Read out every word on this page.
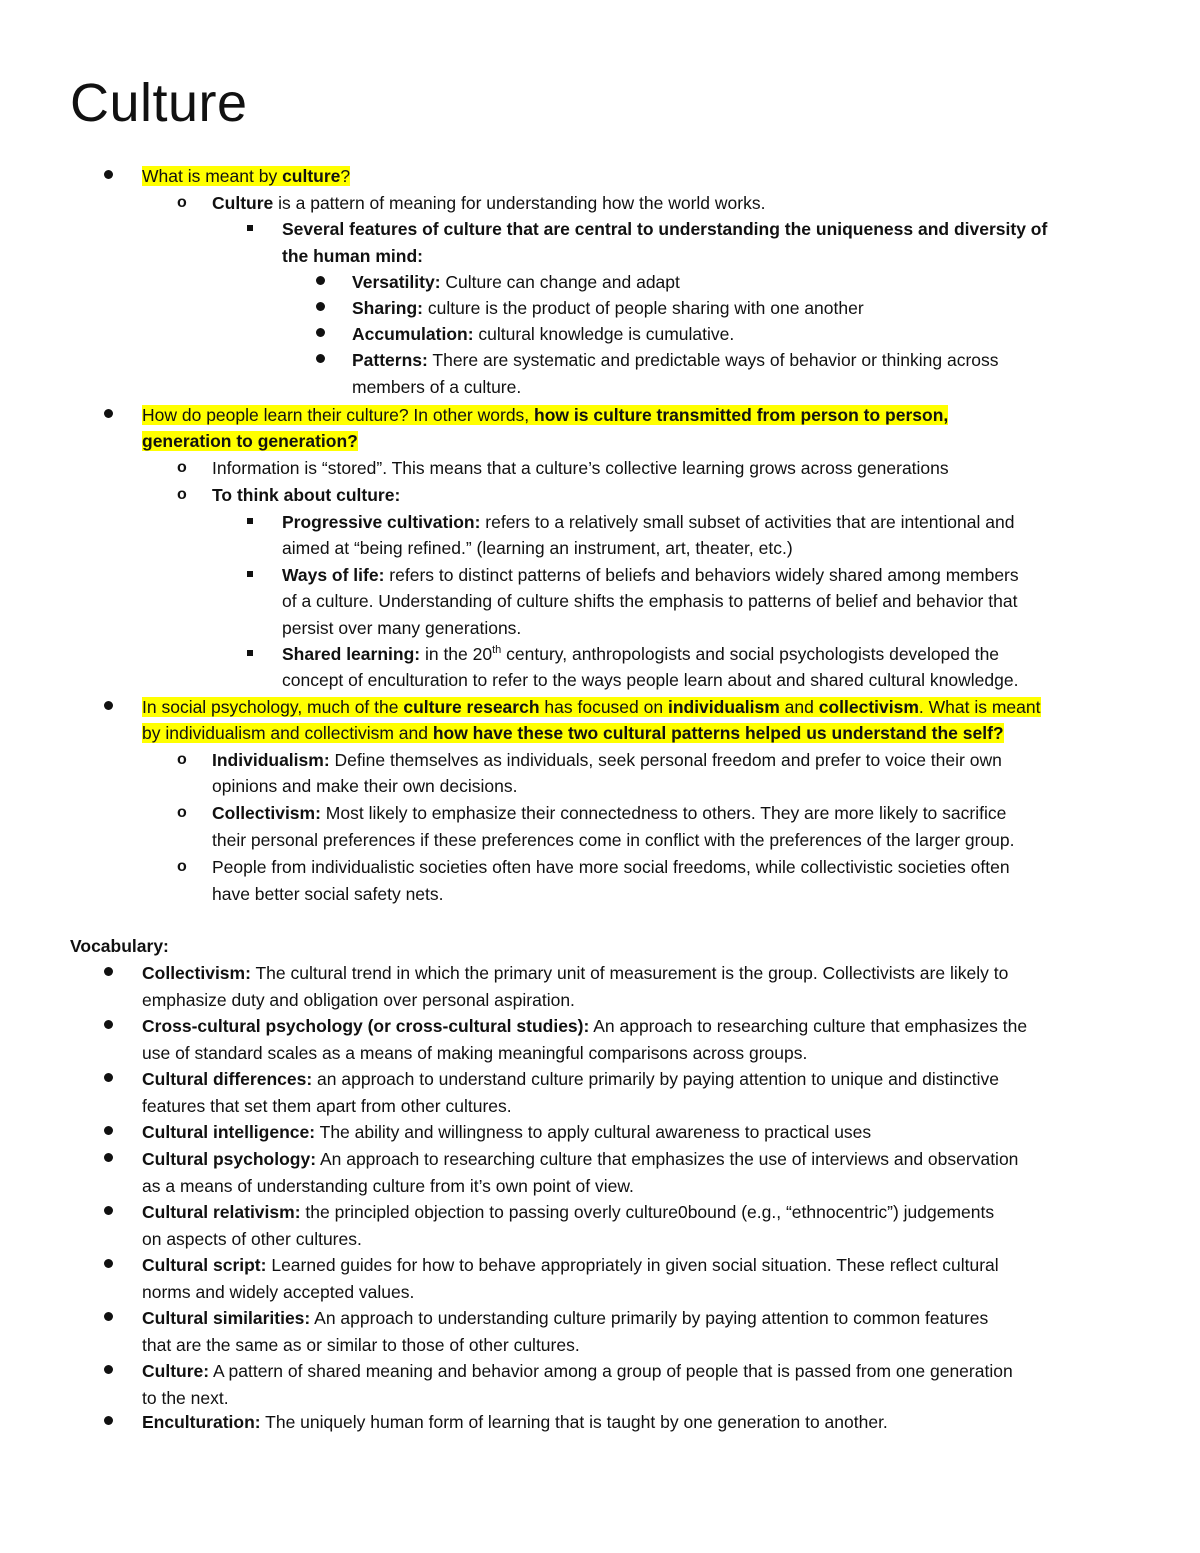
Culture
What is meant by culture?
o Culture is a pattern of meaning for understanding how the world works.
Several features of culture that are central to understanding the uniqueness and diversity of
the human mind:
Versatility: Culture can change and adapt
Sharing: culture is the product of people sharing with one another
Accumulation: cultural knowledge is cumulative.
Patterns: There are systematic and predictable ways of behavior or thinking across
members of a culture.
How do people learn their culture? In other words, how is culture transmitted from person to person,
generation to generation?
o Information is “stored”. This means that a culture’s collective learning grows across generations
o To think about culture:
Progressive cultivation: refers to a relatively small subset of activities that are intentional and
aimed at “being refined.” (learning an instrument, art, theater, etc.)
Ways of life: refers to distinct patterns of beliefs and behaviors widely shared among members
of a culture. Understanding of culture shifts the emphasis to patterns of belief and behavior that
persist over many generations.
Shared learning: in the 20th century, anthropologists and social psychologists developed the
concept of enculturation to refer to the ways people learn about and shared cultural knowledge.
In social psychology, much of the culture research has focused on individualism and collectivism. What is meant
by individualism and collectivism and how have these two cultural patterns helped us understand the self?
o Individualism: Define themselves as individuals, seek personal freedom and prefer to voice their own
opinions and make their own decisions.
o Collectivism: Most likely to emphasize their connectedness to others. They are more likely to sacrifice
their personal preferences if these preferences come in conflict with the preferences of the larger group.
o People from individualistic societies often have more social freedoms, while collectivistic societies often
have better social safety nets.
Vocabulary:
Collectivism: The cultural trend in which the primary unit of measurement is the group. Collectivists are likely to
emphasize duty and obligation over personal aspiration.
Cross-cultural psychology (or cross-cultural studies): An approach to researching culture that emphasizes the
use of standard scales as a means of making meaningful comparisons across groups.
Cultural differences: an approach to understand culture primarily by paying attention to unique and distinctive
features that set them apart from other cultures.
Cultural intelligence: The ability and willingness to apply cultural awareness to practical uses
Cultural psychology: An approach to researching culture that emphasizes the use of interviews and observation
as a means of understanding culture from it’s own point of view.
Cultural relativism: the principled objection to passing overly culture0bound (e.g., “ethnocentric”) judgements
on aspects of other cultures.
Cultural script: Learned guides for how to behave appropriately in given social situation. These reflect cultural
norms and widely accepted values.
Cultural similarities: An approach to understanding culture primarily by paying attention to common features
that are the same as or similar to those of other cultures.
Culture: A pattern of shared meaning and behavior among a group of people that is passed from one generation
to the next.
Enculturation: The uniquely human form of learning that is taught by one generation to another.
